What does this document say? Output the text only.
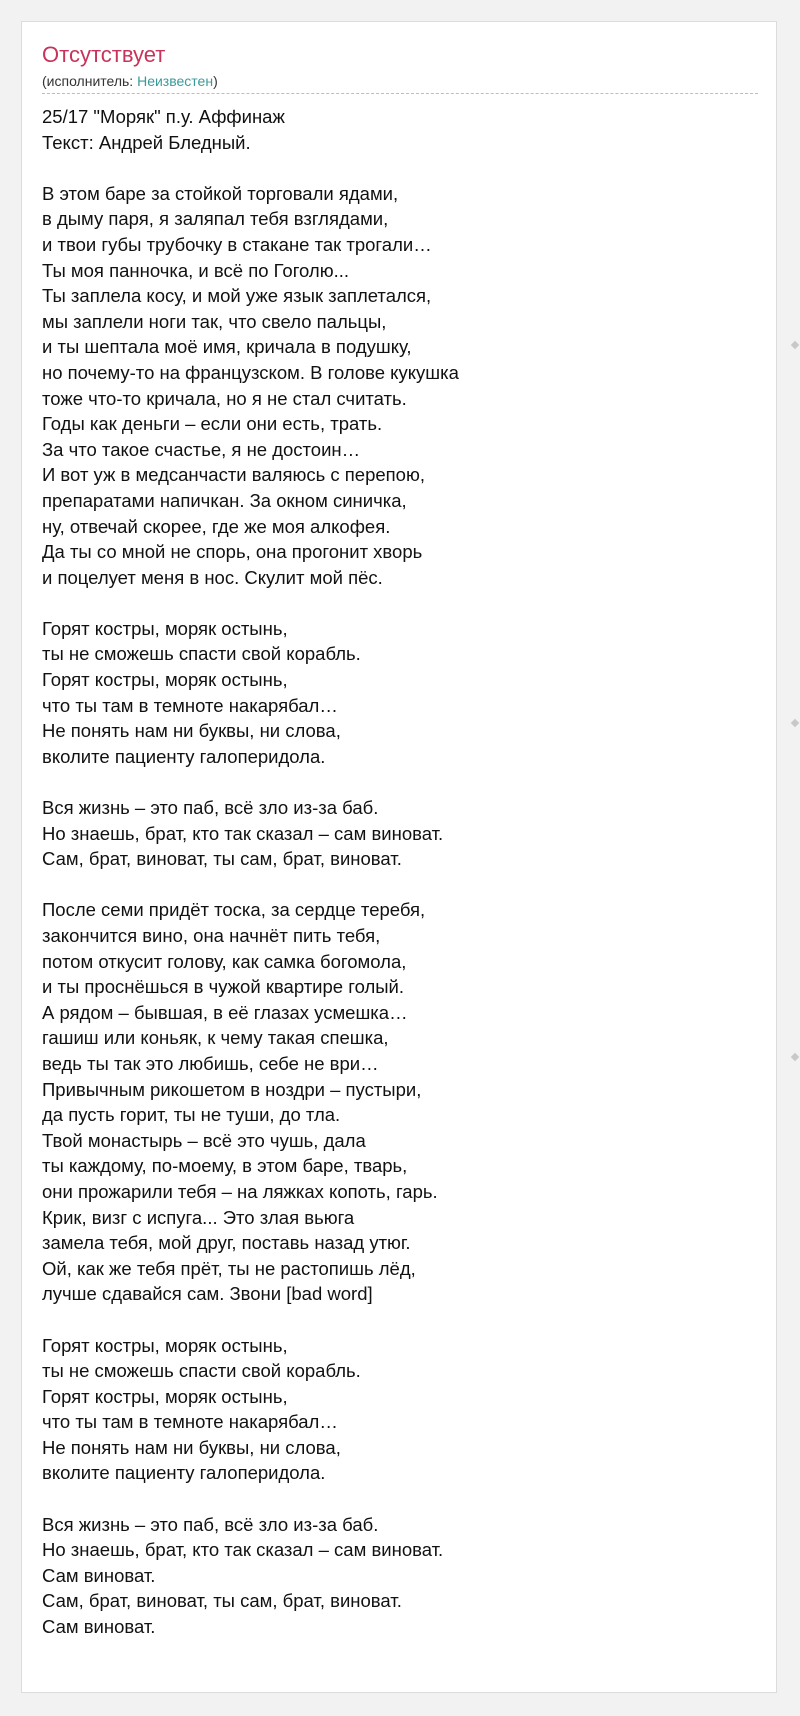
Отсутствует
(исполнитель: Неизвестен)
25/17 "Моряк" п.у. Аффинаж
Текст: Андрей Бледный.
В этом баре за стойкой торговали ядами,
в дыму паря, я заляпал тебя взглядами,
и твои губы трубочку в стакане так трогали…
Ты моя панночка, и всё по Гоголю...
Ты заплела косу, и мой уже язык заплетался,
мы заплели ноги так, что свело пальцы,
и ты шептала моё имя, кричала в подушку,
но почему-то на французском. В голове кукушка
тоже что-то кричала, но я не стал считать.
Годы как деньги – если они есть, трать.
За что такое счастье, я не достоин…
И вот уж в медсанчасти валяюсь с перепою,
препаратами напичкан. За окном синичка,
ну, отвечай скорее, где же моя алкофея.
Да ты со мной не спорь, она прогонит хворь
и поцелует меня в нос. Скулит мой пёс.
Горят костры, моряк остынь,
ты не сможешь спасти свой корабль.
Горят костры, моряк остынь,
что ты там в темноте накарябал…
Не понять нам ни буквы, ни слова,
вколите пациенту галоперидола.
Вся жизнь – это паб, всё зло из-за баб.
Но знаешь, брат, кто так сказал – сам виноват.
Сам, брат, виноват, ты сам, брат, виноват.
После семи придёт тоска, за сердце теребя,
закончится вино, она начнёт пить тебя,
потом откусит голову, как самка богомола,
и ты проснёшься в чужой квартире голый.
А рядом – бывшая, в её глазах усмешка…
гашиш или коньяк, к чему такая спешка,
ведь ты так это любишь, себе не ври…
Привычным рикошетом в ноздри – пустыри,
да пусть горит, ты не туши, до тла.
Твой монастырь – всё это чушь, дала
ты каждому, по-моему, в этом баре, тварь,
они прожарили тебя – на ляжках копоть, гарь.
Крик, визг с испуга... Это злая вьюга
замела тебя, мой друг, поставь назад утюг.
Ой, как же тебя прёт, ты не растопишь лёд,
лучше сдавайся сам. Звони [bad word]
Горят костры, моряк остынь,
ты не сможешь спасти свой корабль.
Горят костры, моряк остынь,
что ты там в темноте накарябал…
Не понять нам ни буквы, ни слова,
вколите пациенту галоперидола.
Вся жизнь – это паб, всё зло из-за баб.
Но знаешь, брат, кто так сказал – сам виноват.
Сам виноват.
Сам, брат, виноват, ты сам, брат, виноват.
Сам виноват.
